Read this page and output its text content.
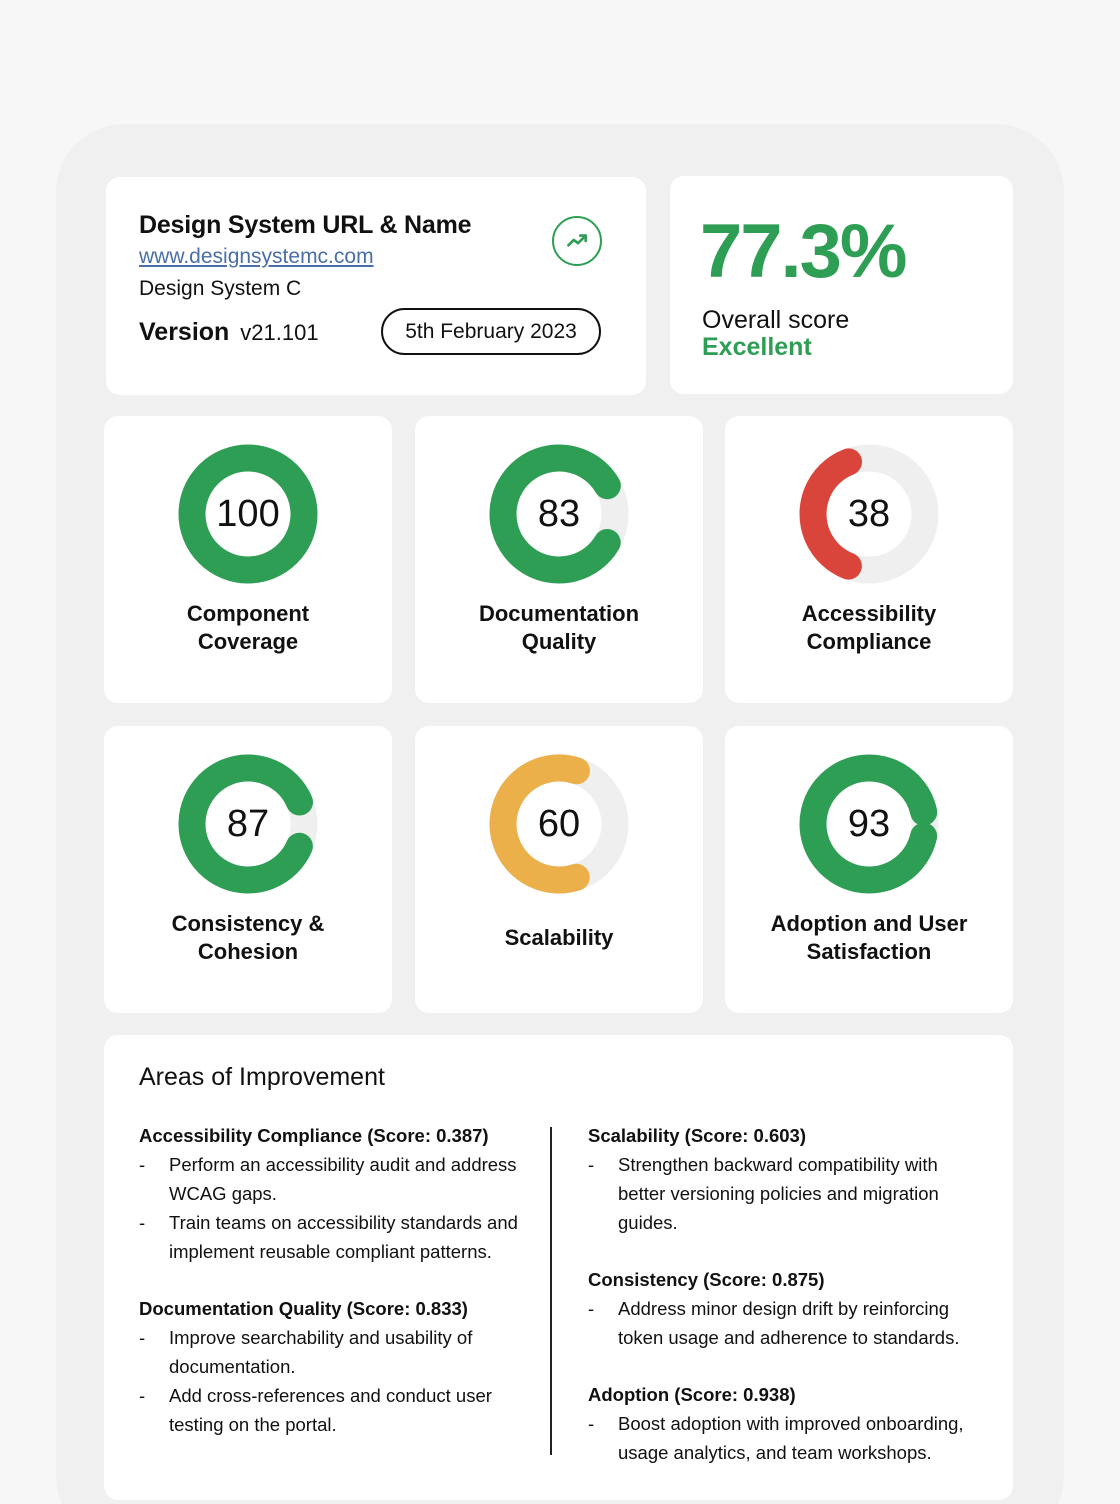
Design System URL & Name
www.designsystemc.com
Design System C
Version v21.101	5th February 2023
77.3%
Overall score
Excellent
100
Component
Coverage
83
Documentation
Quality
38
Accessibility
Compliance
87
Consistency &
Cohesion
60
Scalability
93
Adoption and User
Satisfaction
Areas of Improvement
Accessibility Compliance (Score: 0.387)
-	Perform an accessibility audit and address
WCAG gaps.
-	Train teams on accessibility standards and
implement reusable compliant patterns.
Documentation Quality (Score: 0.833)
-	Improve searchability and usability of
documentation.
-	Add cross-references and conduct user
testing on the portal.
Scalability (Score: 0.603)
-	Strengthen backward compatibility with
better versioning policies and migration
guides.
Consistency (Score: 0.875)
-	Address minor design drift by reinforcing
token usage and adherence to standards.
Adoption (Score: 0.938)
-	Boost adoption with improved onboarding,
usage analytics, and team workshops.
